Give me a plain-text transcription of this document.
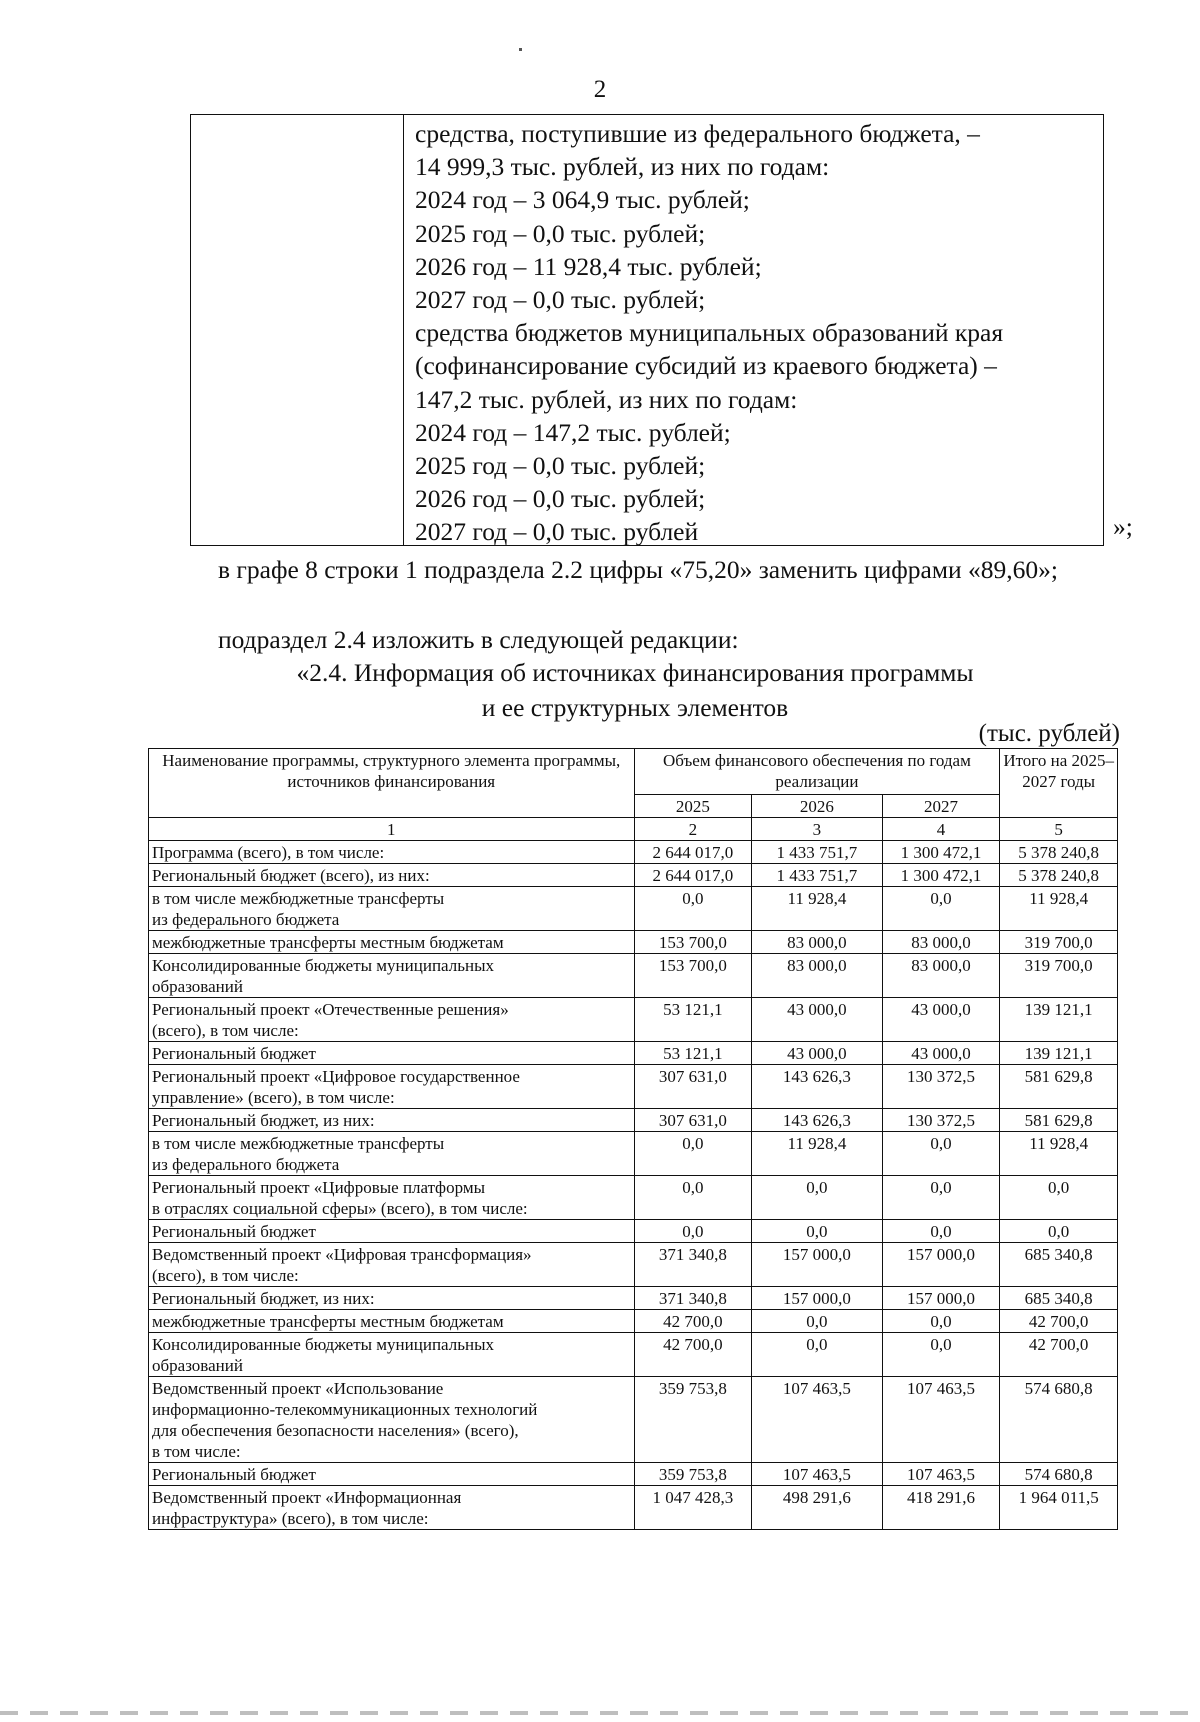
2
средства, поступившие из федерального бюджета, –
14 999,3 тыс. рублей, из них по годам:
2024 год – 3 064,9 тыс. рублей;
2025 год – 0,0 тыс. рублей;
2026 год – 11 928,4 тыс. рублей;
2027 год – 0,0 тыс. рублей;
средства бюджетов муниципальных образований края
(софинансирование субсидий из краевого бюджета) –
147,2 тыс. рублей, из них по годам:
2024 год – 147,2 тыс. рублей;
2025 год – 0,0 тыс. рублей;
2026 год – 0,0 тыс. рублей;
2027 год – 0,0 тыс. рублей	»;

в графе 8 строки 1 подраздела 2.2 цифры «75,20» заменить цифрами «89,60»;

подраздел 2.4 изложить в следующей редакции:

«2.4. Информация об источниках финансирования программы
и ее структурных элементов
(тыс. рублей)
Наименование программы, структурного элемента программы, источников финансирования	Объем финансового обеспечения по годам реализации			Итого на 2025–2027 годы
	2025	2026	2027	
1	2	3	4	5

Программа (всего), в том числе:	2 644 017,0	1 433 751,7	1 300 472,1	5 378 240,8

Региональный бюджет (всего), из них:	2 644 017,0	1 433 751,7	1 300 472,1	5 378 240,8

в том числе межбюджетные трансферты
из федерального бюджета	0,0	11 928,4	0,0	11 928,4

межбюджетные трансферты местным бюджетам	153 700,0	83 000,0	83 000,0	319 700,0

Консолидированные бюджеты муниципальных
образований	153 700,0	83 000,0	83 000,0	319 700,0

Региональный проект «Отечественные решения»
(всего), в том числе:	53 121,1	43 000,0	43 000,0	139 121,1

Региональный бюджет	53 121,1	43 000,0	43 000,0	139 121,1

Региональный проект «Цифровое государственное
управление» (всего), в том числе:	307 631,0	143 626,3	130 372,5	581 629,8

Региональный бюджет, из них:	307 631,0	143 626,3	130 372,5	581 629,8

в том числе межбюджетные трансферты
из федерального бюджета	0,0	11 928,4	0,0	11 928,4

Региональный проект «Цифровые платформы
в отраслях социальной сферы» (всего), в том числе:	0,0	0,0	0,0	0,0

Региональный бюджет	0,0	0,0	0,0	0,0

Ведомственный проект «Цифровая трансформация»
(всего), в том числе:	371 340,8	157 000,0	157 000,0	685 340,8

Региональный бюджет, из них:	371 340,8	157 000,0	157 000,0	685 340,8

межбюджетные трансферты местным бюджетам	42 700,0	0,0	0,0	42 700,0

Консолидированные бюджеты муниципальных
образований	42 700,0	0,0	0,0	42 700,0

Ведомственный проект «Использование
информационно-телекоммуникационных технологий
для обеспечения безопасности населения» (всего),
в том числе:	359 753,8	107 463,5	107 463,5	574 680,8

Региональный бюджет	359 753,8	107 463,5	107 463,5	574 680,8

Ведомственный проект «Информационная
инфраструктура» (всего), в том числе:	1 047 428,3	498 291,6	418 291,6	1 964 011,5
